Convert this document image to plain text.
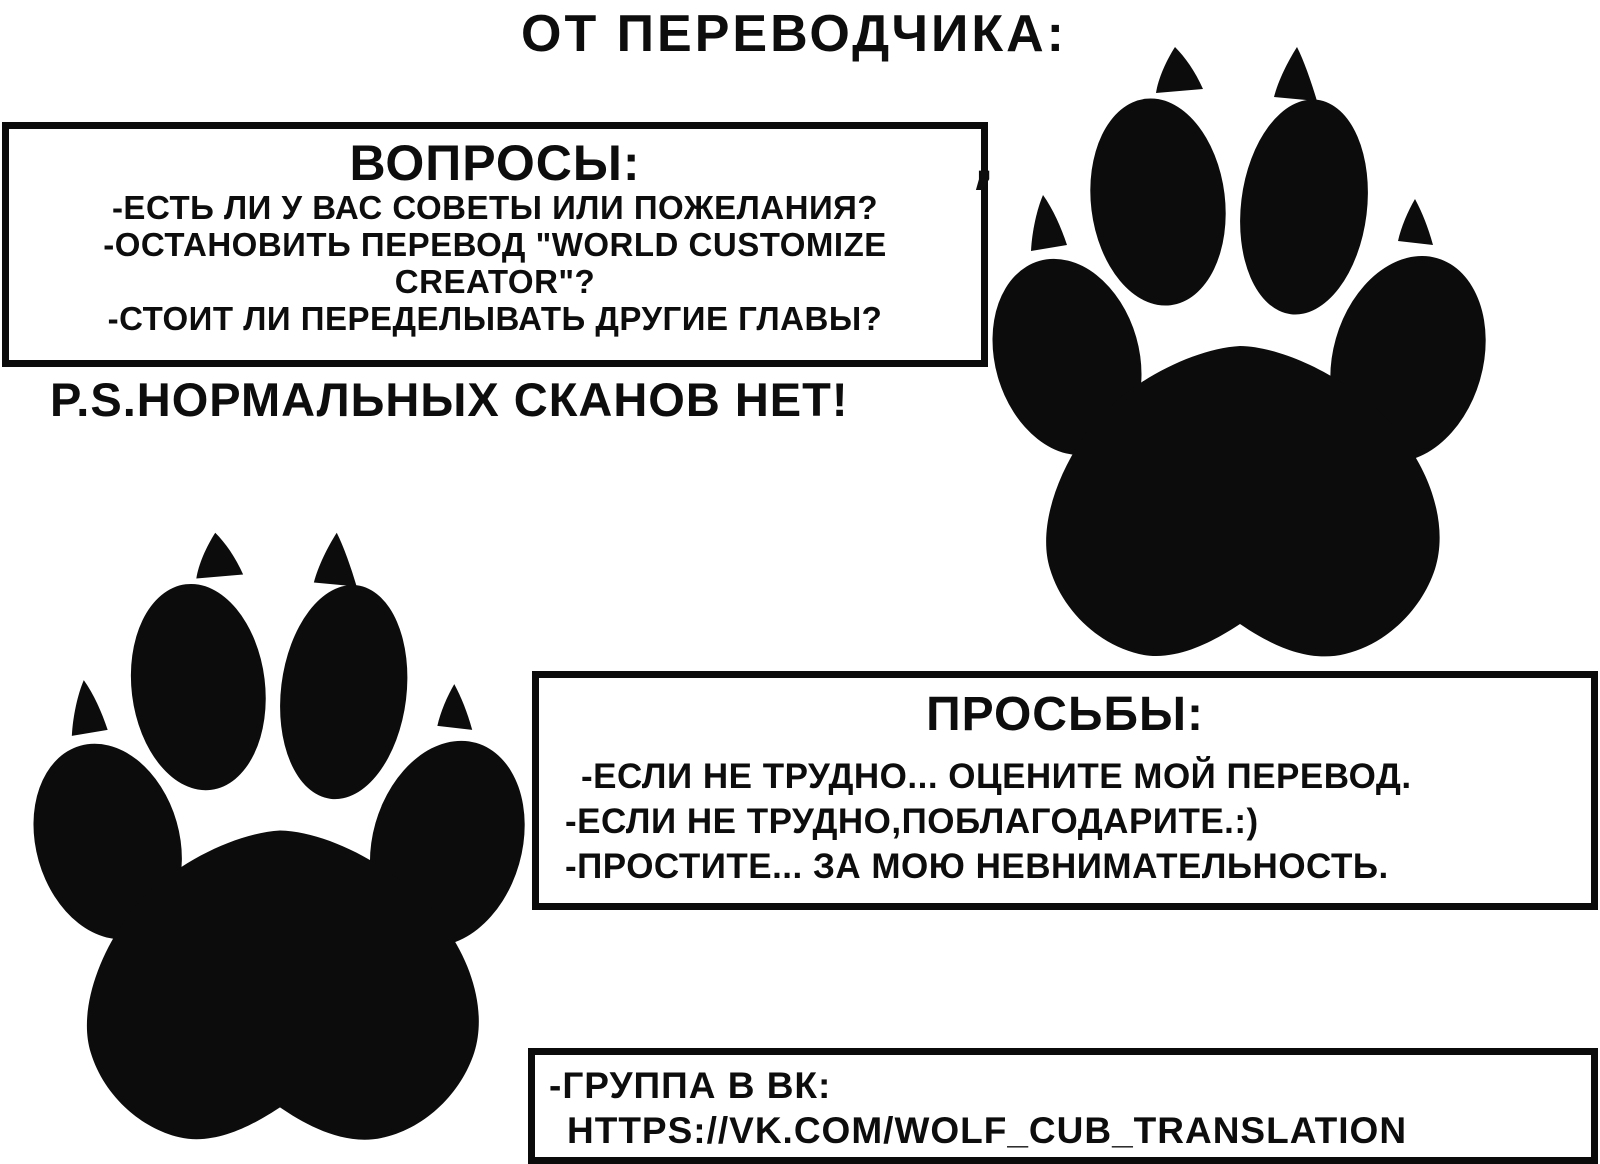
ОТ ПЕРЕВОДЧИКА:
ВОПРОСЫ:
-ЕСТЬ ЛИ У ВАС СОВЕТЫ ИЛИ ПОЖЕЛАНИЯ?
-ОСТАНОВИТЬ ПЕРЕВОД "WORLD CUSTOMIZE
CREATOR"?
-СТОИТ ЛИ ПЕРЕДЕЛЫВАТЬ ДРУГИЕ ГЛАВЫ?
’
P.S.НОРМАЛЬНЫХ СКАНОВ НЕТ!
ПРОСЬБЫ:
-ЕСЛИ НЕ ТРУДНО... ОЦЕНИТЕ МОЙ ПЕРЕВОД.
-ЕСЛИ НЕ ТРУДНО,ПОБЛАГОДАРИТЕ.:)
-ПРОСТИТЕ... ЗА МОЮ НЕВНИМАТЕЛЬНОСТЬ.
-ГРУППА В ВК:
HTTPS://VK.COM/WOLF_CUB_TRANSLATION
